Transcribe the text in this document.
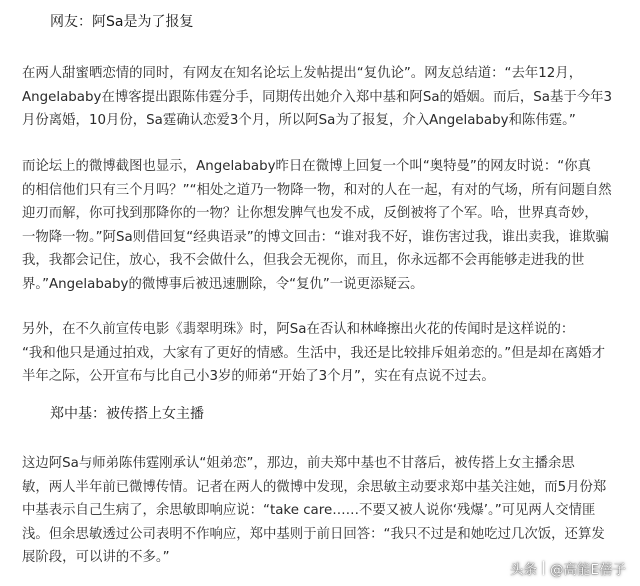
网友：阿Sa是为了报复

在两人甜蜜晒恋情的同时，有网友在知名论坛上发帖提出“复仇论”。网友总结道：“去年12月，
Angelababy在博客提出跟陈伟霆分手，同期传出她介入郑中基和阿Sa的婚姻。而后，Sa基于今年3
月份离婚，10月份，Sa霆确认恋爱3个月，所以阿Sa为了报复，介入Angelababy和陈伟霆。”

而论坛上的微博截图也显示，Angelababy昨日在微博上回复一个叫“奥特曼”的网友时说：“你真
的相信他们只有三个月吗？”“相处之道乃一物降一物，和对的人在一起，有对的气场，所有问题自然
迎刃而解，你可找到那降你的一物？让你想发脾气也发不成，反倒被将了个军。哈，世界真奇妙，
一物降一物。”阿Sa则借回复“经典语录”的博文回击：“谁对我不好，谁伤害过我，谁出卖我，谁欺骗
我，我都会记住，放心，我不会做什么，但我会无视你，而且，你永远都不会再能够走进我的世
界。”Angelababy的微博事后被迅速删除，令“复仇”一说更添疑云。

另外，在不久前宣传电影《翡翠明珠》时，阿Sa在否认和林峰擦出火花的传闻时是这样说的：
“我和他只是通过拍戏，大家有了更好的情感。生活中，我还是比较排斥姐弟恋的。”但是却在离婚才
半年之际，公开宣布与比自己小3岁的师弟“开始了3个月”，实在有点说不过去。

郑中基：被传搭上女主播

这边阿Sa与师弟陈伟霆刚承认“姐弟恋”，那边，前夫郑中基也不甘落后，被传搭上女主播余思
敏，两人半年前已微博传情。记者在两人的微博中发现，余思敏主动要求郑中基关注她，而5月份郑
中基表示自己生病了，余思敏即响应说：“take care……不要又被人说你‘残爆’。”可见两人交情匪
浅。但余思敏透过公司表明不作响应，郑中基则于前日回答：“我只不过是和她吃过几次饭，还算发
展阶段，可以讲的不多。”

头条 @高能E蓓子
